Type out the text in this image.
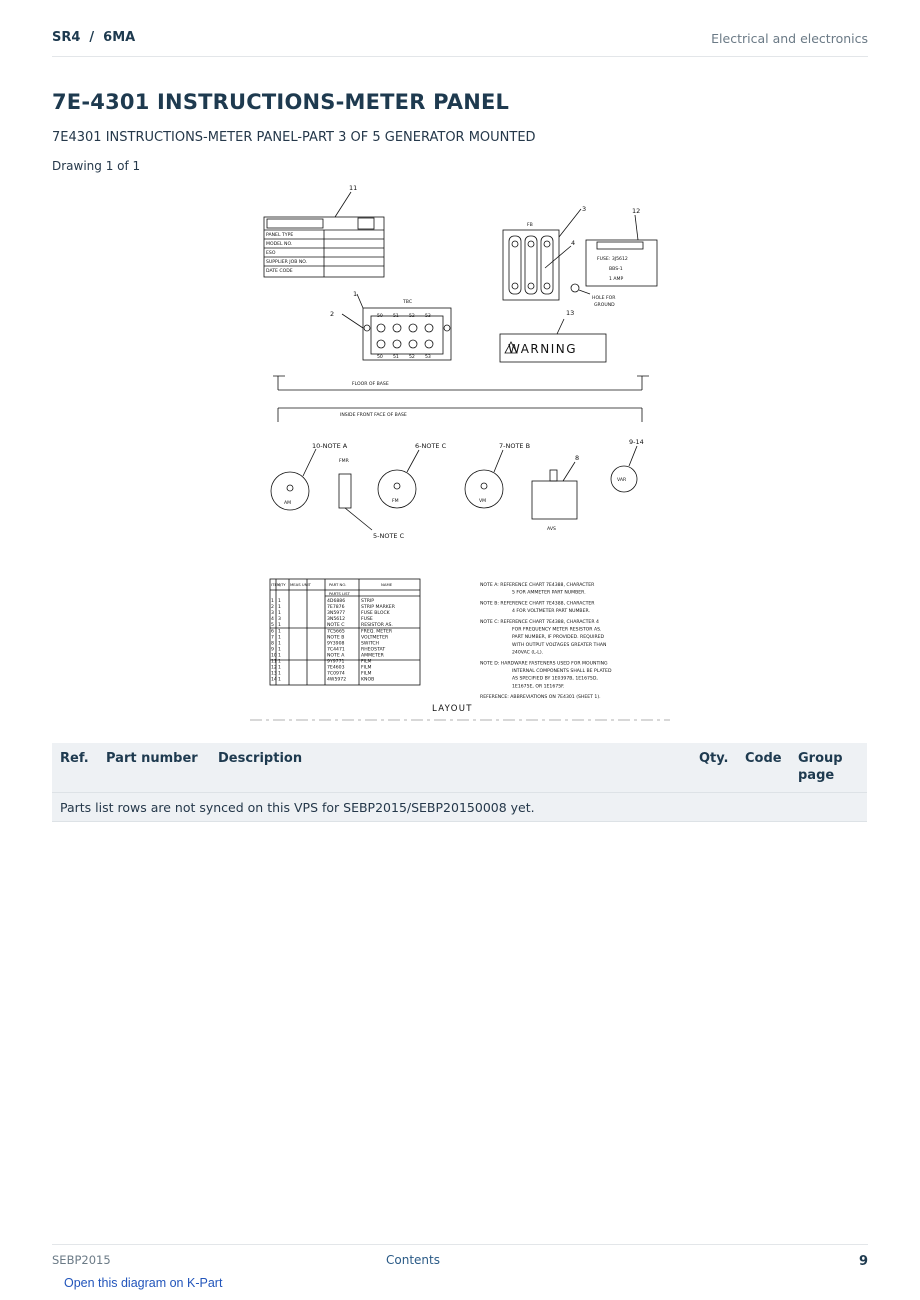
SR4 / 6MA	Electrical and electronics
7E-4301 INSTRUCTIONS-METER PANEL
7E4301 INSTRUCTIONS-METER PANEL-PART 3 OF 5 GENERATOR MOUNTED
Drawing 1 of 1
11
3	12
4
1
2	13
10-NOTE A	6-NOTE C	7-NOTE B
8
9-14
5-NOTE C
PANEL TYPE
MODEL NO.
ESO
SUPPLIER JOB NO.
DATE CODE
FB
TBC
50 51 52 53
50 51 52 53
FUSE: 3J5612
BBS-1
1 AMP
HOLE FOR
GROUND
FLOOR OF BASE
INSIDE FRONT FACE OF BASE
AM	FM	VM
VAR
FMR
AVS
WARNING
ITEM
QTY MEAS UNIT	PART NO.	NAME
PARTS LIST
1 1	4D6886	STRIP
2 1	7E7876	STRIP MARKER
3 1	3N5977	FUSE BLOCK
4 3	3N5612	FUSE
5 1	NOTE C	RESISTOR AS.
6 1	7C5665	FREQ. METER
7 1	NOTE B	VOLTMETER
8 1	9Y3908	SWITCH
9 1	7C4471	RHEOSTAT
10 1	NOTE A	AMMETER
11 1	9Y9771	FILM
12 1	7E4603	FILM
13 1	7C0974	FILM
14 1	4W5972	KNOB
NOTE A: REFERENCE CHART 7E4388, CHARACTER
5 FOR AMMETER PART NUMBER.
NOTE B: REFERENCE CHART 7E4388, CHARACTER
4 FOR VOLTMETER PART NUMBER.
NOTE C: REFERENCE CHART 7E4388, CHARACTER 4
FOR FREQUENCY METER RESISTOR AS.
PART NUMBER, IF PROVIDED. REQUIRED
WITH OUTPUT VOLTAGES GREATER THAN
240VAC (L-L).
NOTE D: HARDWARE FASTENERS USED FOR MOUNTING
INTERNAL COMPONENTS SHALL BE PLATED
AS SPECIFIED BY 1E0397B, 1E1675D,
1E1675E, OR 1E1675F.
REFERENCE: ABBREVIATIONS ON 7E4301 (SHEET 1).
LAYOUT
Ref.	Part number	Description	Qty.	Code	Group page
Parts list rows are not synced on this VPS for SEBP2015/SEBP20150008 yet.
SEBP2015	Contents	9
Open this diagram on K-Part
